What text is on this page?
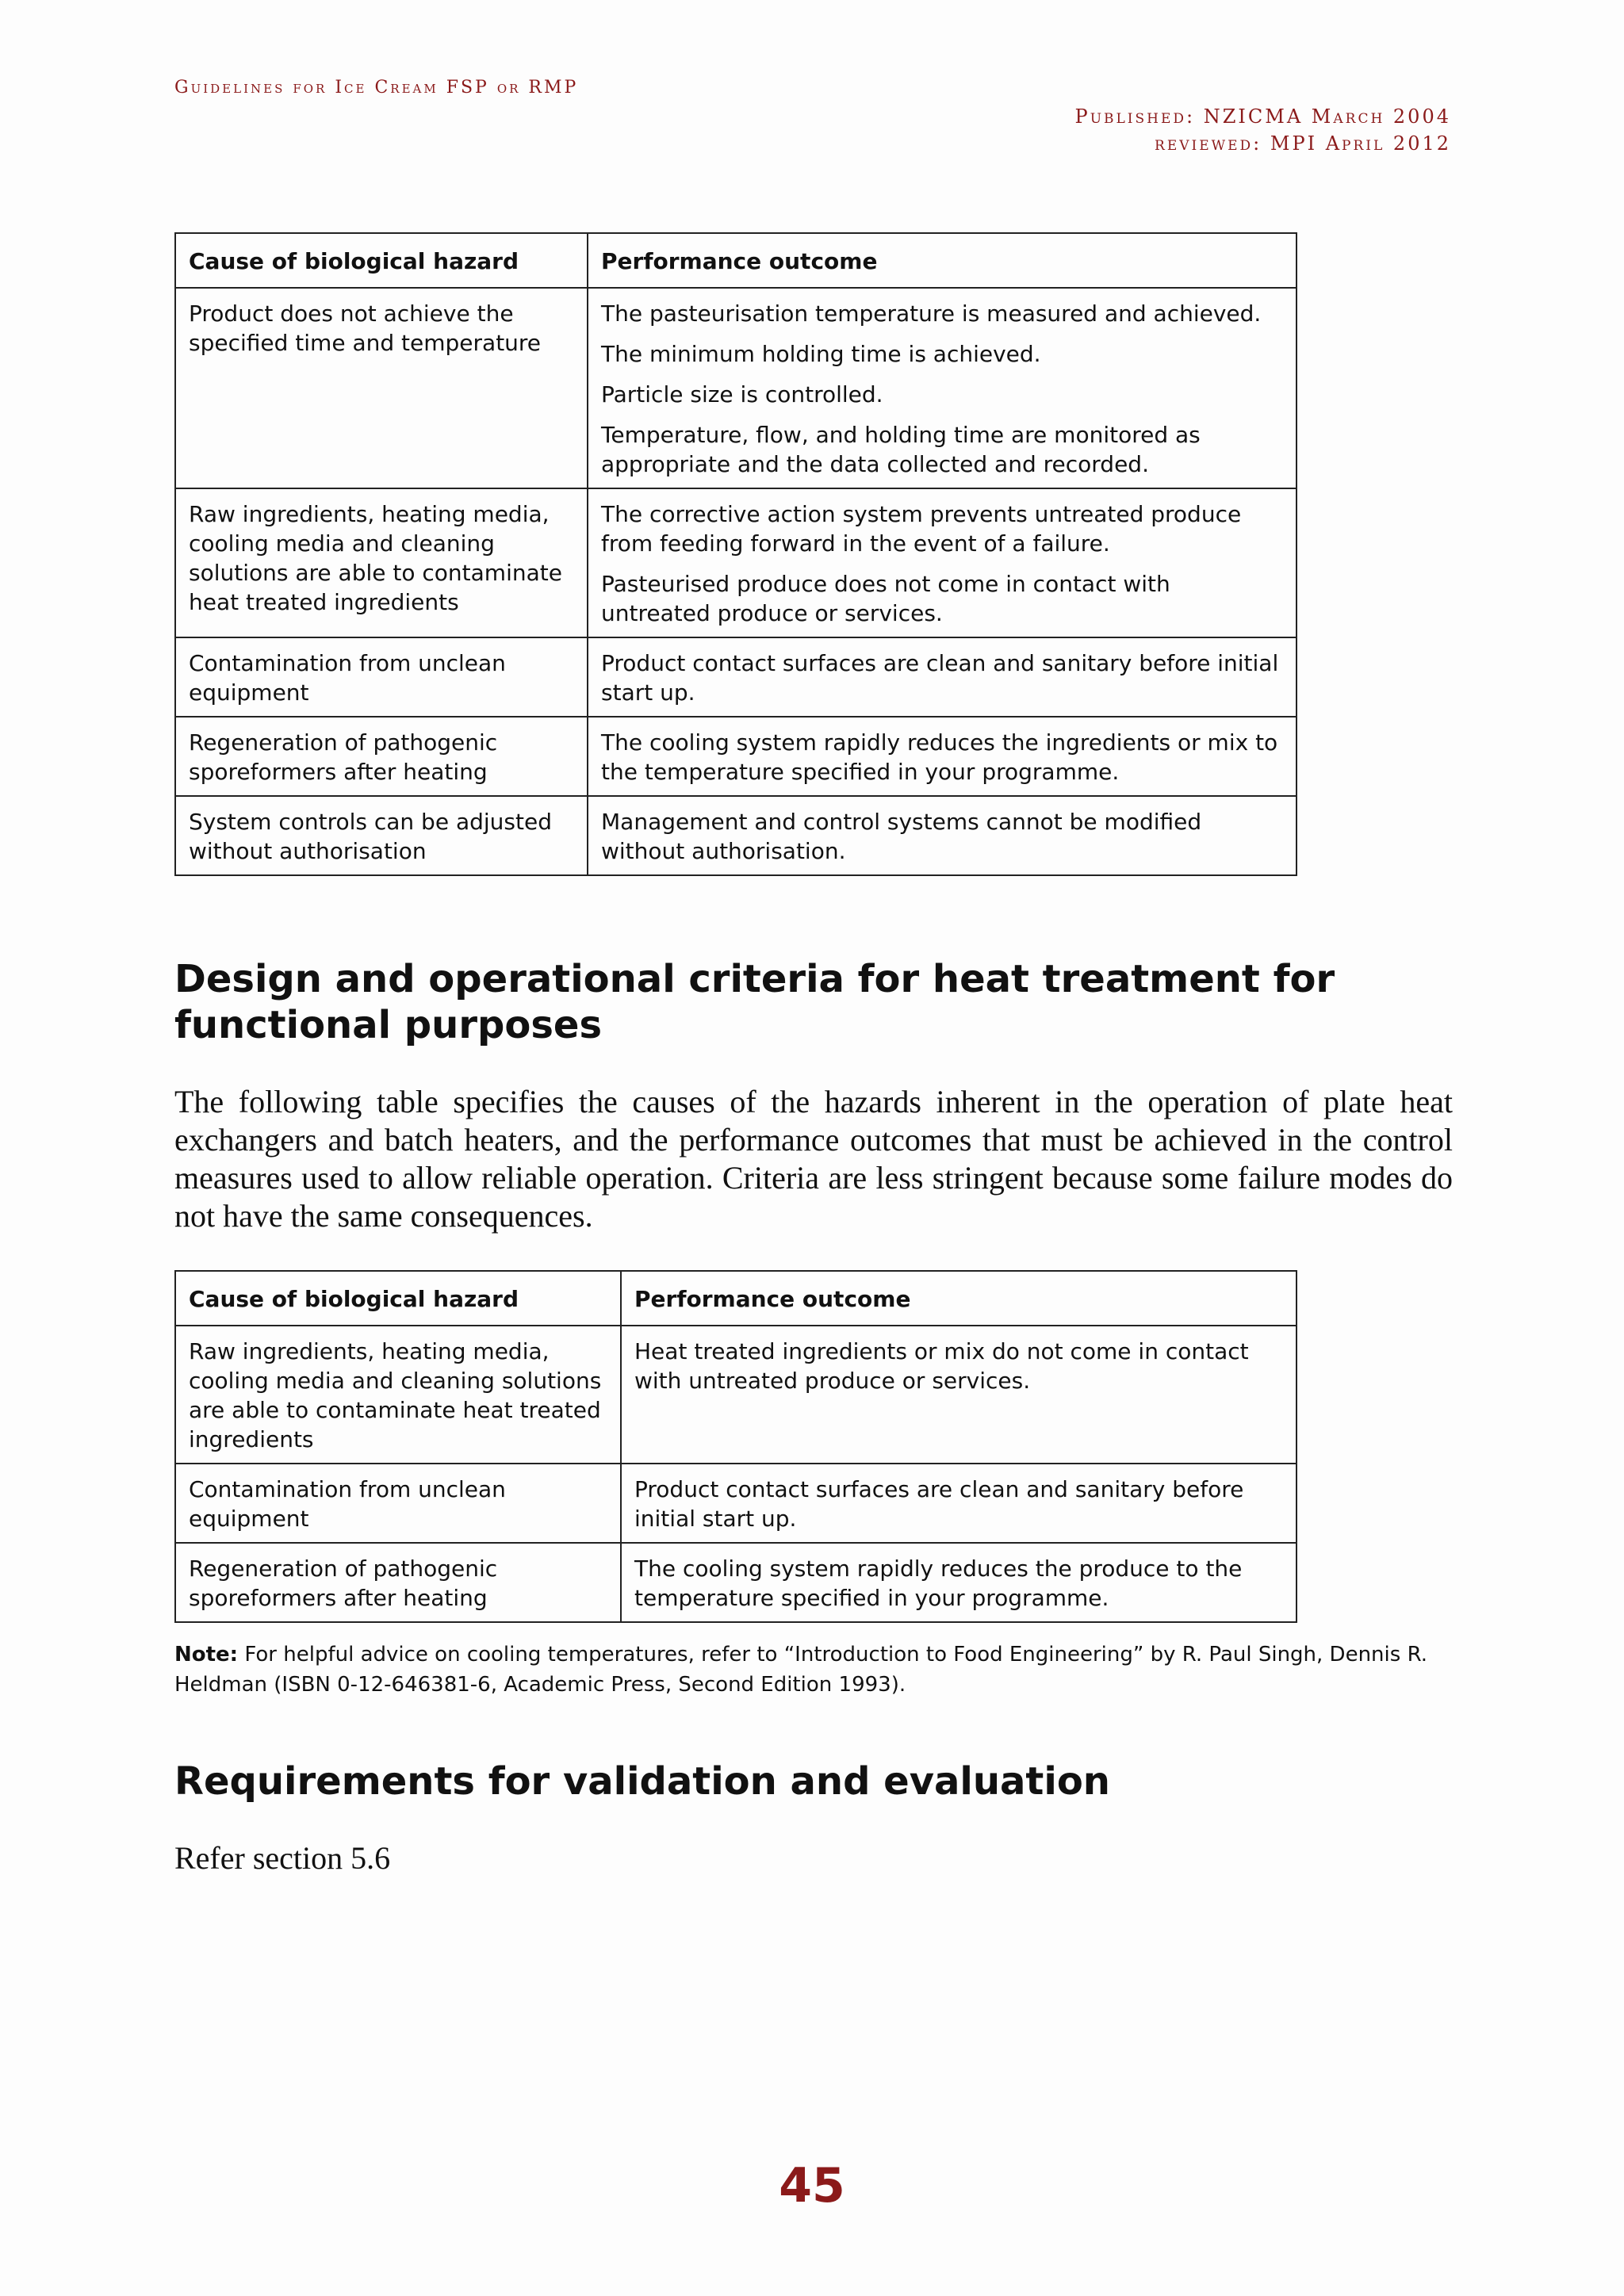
Guidelines for Ice Cream FSP or RMP
Published: NZICMA March 2004
reviewed: MPI April 2012
Cause of biological hazard	Performance outcome
Product does not achieve the specified time and temperature	The pasteurisation temperature is measured and achieved.

The minimum holding time is achieved.

Particle size is controlled.

Temperature, flow, and holding time are monitored as appropriate and the data collected and recorded.

Raw ingredients, heating media, cooling media and cleaning solutions are able to contaminate heat treated ingredients	The corrective action system prevents untreated produce from feeding forward in the event of a failure.

Pasteurised produce does not come in contact with untreated produce or services.

Contamination from unclean equipment	Product contact surfaces are clean and sanitary before initial start up.

Regeneration of pathogenic sporeformers after heating	The cooling system rapidly reduces the ingredients or mix to the temperature specified in your programme.

System controls can be adjusted without authorisation	Management and control systems cannot be modified without authorisation.

Design and operational criteria for heat treatment for functional purposes

The following table specifies the causes of the hazards inherent in the operation of plate heat exchangers and batch heaters, and the performance outcomes that must be achieved in the control measures used to allow reliable operation. Criteria are less stringent because some failure modes do not have the same consequences.

Cause of biological hazard	Performance outcome
Raw ingredients, heating media, cooling media and cleaning solutions are able to contaminate heat treated ingredients	Heat treated ingredients or mix do not come in contact with untreated produce or services.

Contamination from unclean equipment	Product contact surfaces are clean and sanitary before initial start up.

Regeneration of pathogenic sporeformers after heating	The cooling system rapidly reduces the produce to the temperature specified in your programme.

Note: For helpful advice on cooling temperatures, refer to “Introduction to Food Engineering” by R. Paul Singh, Dennis R. Heldman (ISBN 0-12-646381-6, Academic Press, Second Edition 1993).

Requirements for validation and evaluation

Refer section 5.6

45
